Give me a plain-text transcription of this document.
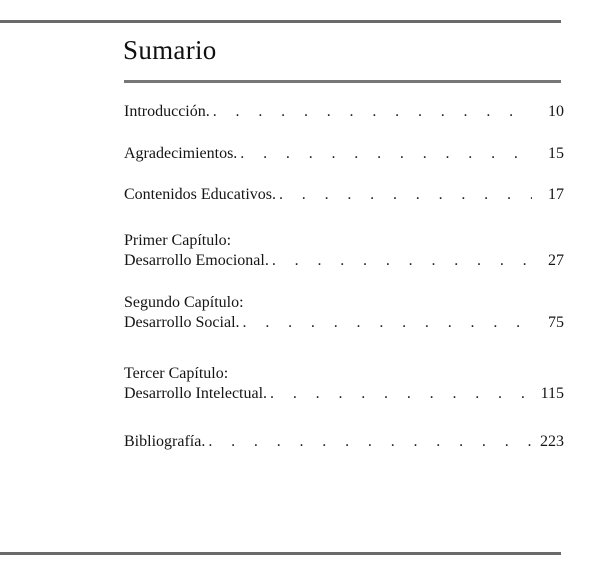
Sumario
Introducción. . . .	10
Agradecimientos. . . .	15
Contenidos Educativos. . . .	17
Primer Capítulo:
Desarrollo Emocional. . . .	27
Segundo Capítulo:
Desarrollo Social. . . .	75
Tercer Capítulo:
Desarrollo Intelectual. . . .	115
Bibliografía. . . .	223
